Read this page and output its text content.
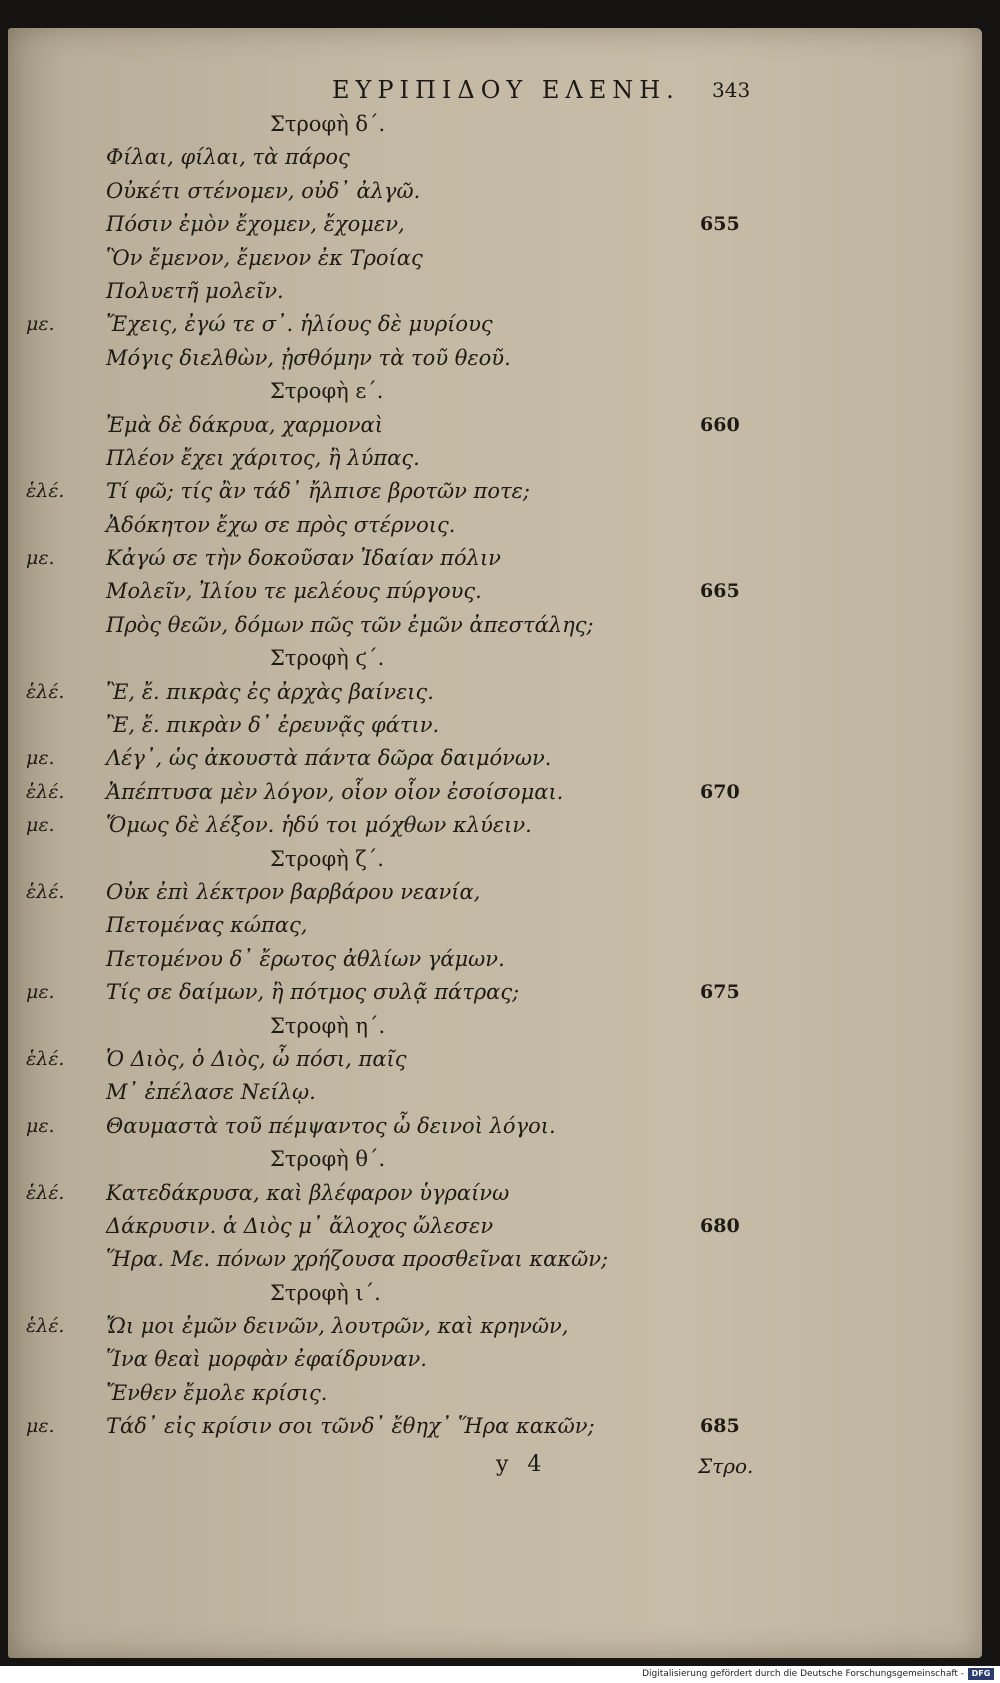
ΕΥΡΙΠΙΔΟΥ ΕΛΕΝΗ. 343
Στροφὴ δ΄.
Φίλαι, φίλαι, τὰ πάρος
Οὐκέτι στένομεν, οὐδ᾽ ἀλγῶ.
Πόσιν ἐμὸν ἔχομεν, ἔχομεν,	655
Ὃν ἔμενον, ἔμενον ἐκ Τροίας
Πολυετῆ μολεῖν.
με. Ἔχεις, ἐγώ τε σ᾽. ἡλίους δὲ μυρίους
Μόγις διελθὼν, ᾐσθόμην τὰ τοῦ θεοῦ.
Στροφὴ ε΄.
Ἐμὰ δὲ δάκρυα, χαρμοναὶ	660
Πλέον ἔχει χάριτος, ἢ λύπας.
ἑλέ. Τί φῶ; τίς ἂν τάδ᾽ ἤλπισε βροτῶν ποτε;
Ἀδόκητον ἔχω σε πρὸς στέρνοις.
με. Κἀγώ σε τὴν δοκοῦσαν Ἰδαίαν πόλιν
Μολεῖν, Ἰλίου τε μελέους πύργους.	665
Πρὸς θεῶν, δόμων πῶς τῶν ἐμῶν ἀπεστάλης;
Στροφὴ ϛ΄.
ἑλέ. Ἒ, ἔ. πικρὰς ἐς ἀρχὰς βαίνεις.
Ἒ, ἔ. πικρὰν δ᾽ ἐρευνᾷς φάτιν.
με. Λέγ᾽, ὡς ἀκουστὰ πάντα δῶρα δαιμόνων.
ἑλέ. Ἀπέπτυσα μὲν λόγον, οἷον οἷον ἐσοίσομαι.	670
με. Ὅμως δὲ λέξον. ἡδύ τοι μόχθων κλύειν.
Στροφὴ ζ΄.
ἑλέ. Οὐκ ἐπὶ λέκτρον βαρβάρου νεανία,
Πετομένας κώπας,
Πετομένου δ᾽ ἔρωτος ἀθλίων γάμων.
με. Τίς σε δαίμων, ἢ πότμος συλᾷ πάτρας;	675
Στροφὴ η΄.
ἑλέ. Ὁ Διὸς, ὁ Διὸς, ὦ πόσι, παῖς
Μ᾽ ἐπέλασε Νείλῳ.
με. Θαυμαστὰ τοῦ πέμψαντος ὦ δεινοὶ λόγοι.
Στροφὴ θ΄.
ἑλέ. Κατεδάκρυσα, καὶ βλέφαρον ὑγραίνω
Δάκρυσιν. ἁ Διὸς μ᾽ ἄλοχος ὤλεσεν	680
Ἥρα. Με. πόνων χρήζουσα προσθεῖναι κακῶν;
Στροφὴ ι΄.
ἑλέ. Ὤι μοι ἐμῶν δεινῶν, λουτρῶν, καὶ κρηνῶν,
Ἵνα θεαὶ μορφὰν ἐφαίδρυναν.
Ἔνθεν ἔμολε κρίσις.
με. Τάδ᾽ εἰς κρίσιν σοι τῶνδ᾽ ἔθηχ᾽ Ἥρα κακῶν;	685
y 4	Στρο.
Digitalisierung gefördert durch die Deutsche Forschungsgemeinschaft - DFG
